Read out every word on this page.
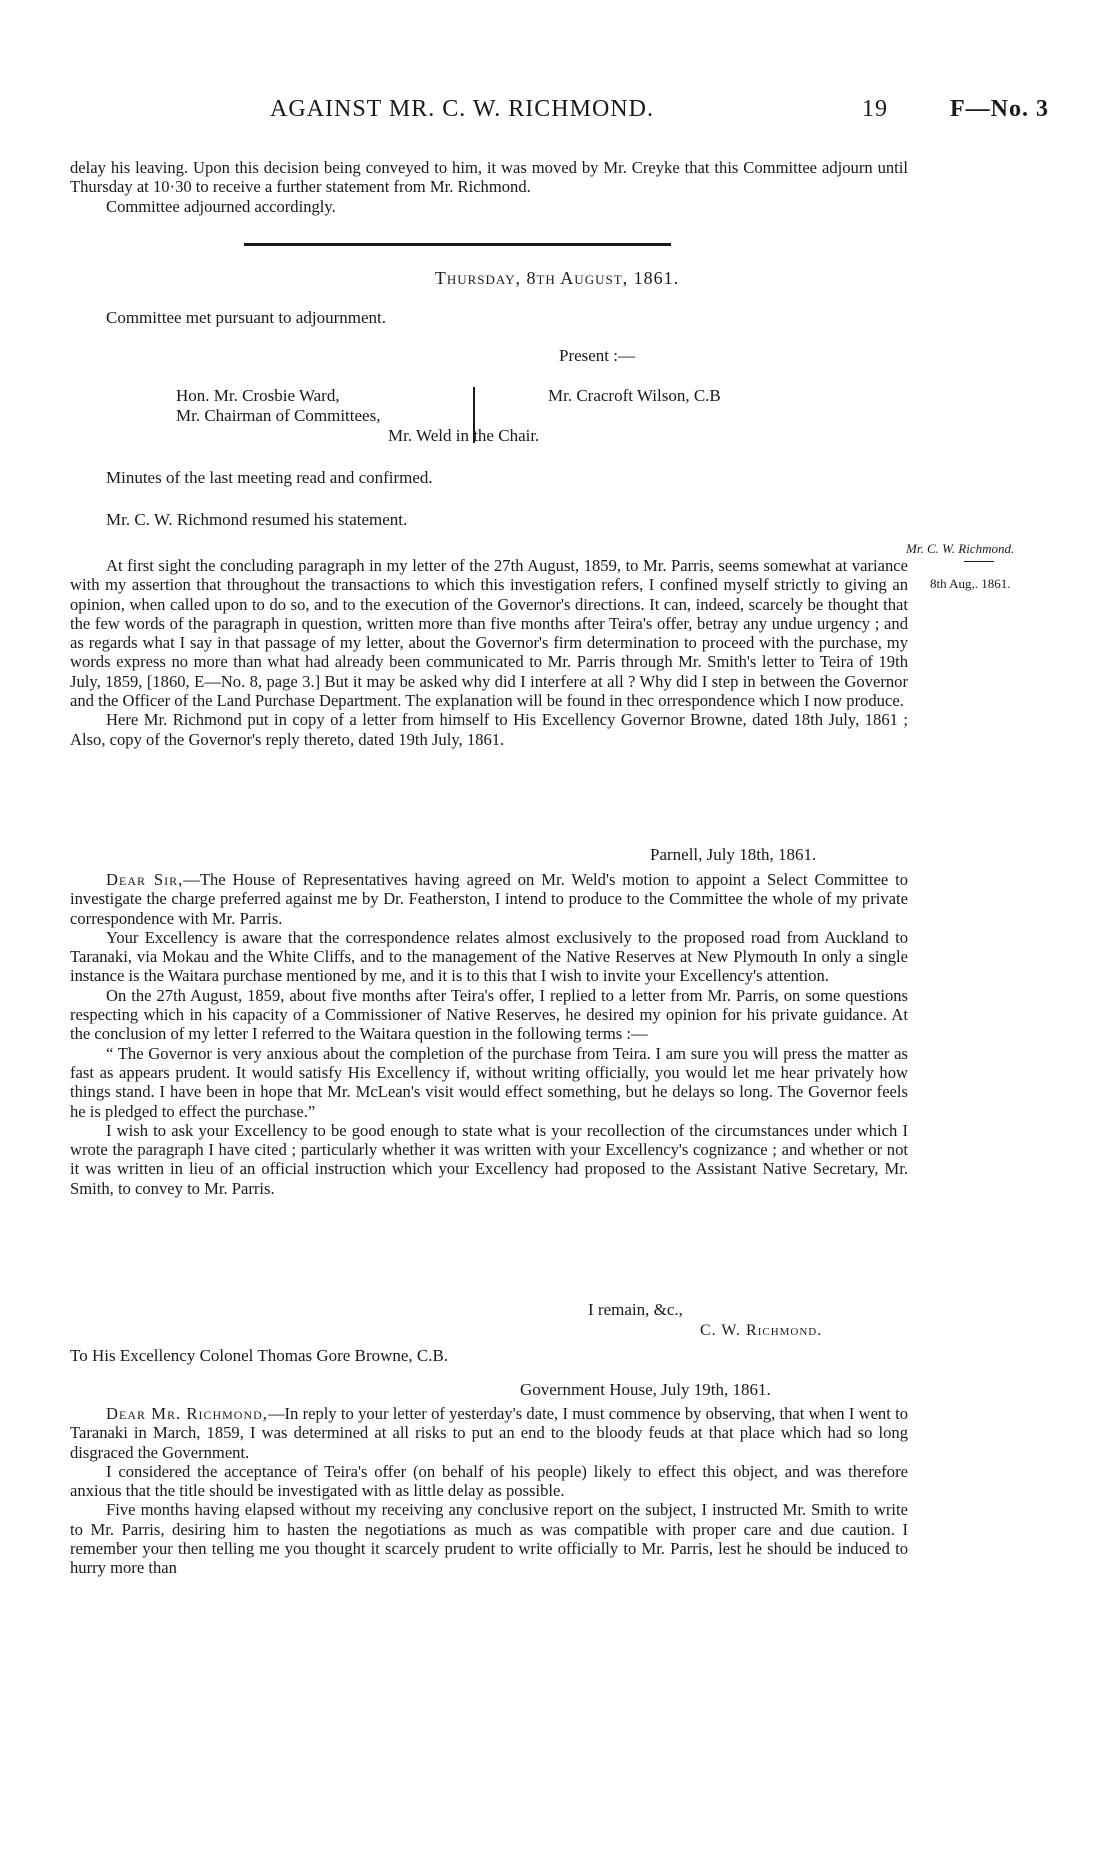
AGAINST MR. C. W. RICHMOND.	19	F—No. 3

delay his leaving. Upon this decision being conveyed to him, it was moved by Mr. Creyke that this Committee adjourn until Thursday at 10·30 to receive a further statement from Mr. Richmond.

Committee adjourned accordingly.

Thursday, 8th August, 1861.
Committee met pursuant to adjournment.
Present :—
Hon. Mr. Crosbie Ward,
Mr. Chairman of Committees,
Mr. Cracroft Wilson, C.B
Mr. Weld in the Chair.
Minutes of the last meeting read and confirmed.
Mr. C. W. Richmond resumed his statement.
Mr. C. W. Richmond.
8th Aug,. 1861.

At first sight the concluding paragraph in my letter of the 27th August, 1859, to Mr. Parris, seems somewhat at variance with my assertion that throughout the transactions to which this investigation refers, I confined myself strictly to giving an opinion, when called upon to do so, and to the execution of the Governor's directions. It can, indeed, scarcely be thought that the few words of the paragraph in question, written more than five months after Teira's offer, betray any undue urgency ; and as regards what I say in that passage of my letter, about the Governor's firm determination to proceed with the purchase, my words express no more than what had already been communicated to Mr. Parris through Mr. Smith's letter to Teira of 19th July, 1859, [1860, E—No. 8, page 3.] But it may be asked why did I interfere at all ? Why did I step in between the Governor and the Officer of the Land Purchase Department. The explanation will be found in thec orrespondence which I now produce.

Here Mr. Richmond put in copy of a letter from himself to His Excellency Governor Browne, dated 18th July, 1861 ; Also, copy of the Governor's reply thereto, dated 19th July, 1861.

Parnell, July 18th, 1861.

Dear Sir,—The House of Representatives having agreed on Mr. Weld's motion to appoint a Select Committee to investigate the charge preferred against me by Dr. Featherston, I intend to produce to the Committee the whole of my private correspondence with Mr. Parris.

Your Excellency is aware that the correspondence relates almost exclusively to the proposed road from Auckland to Taranaki, via Mokau and the White Cliffs, and to the management of the Native Reserves at New Plymouth In only a single instance is the Waitara purchase mentioned by me, and it is to this that I wish to invite your Excellency's attention.

On the 27th August, 1859, about five months after Teira's offer, I replied to a letter from Mr. Parris, on some questions respecting which in his capacity of a Commissioner of Native Reserves, he desired my opinion for his private guidance. At the conclusion of my letter I referred to the Waitara question in the following terms :—

“ The Governor is very anxious about the completion of the purchase from Teira. I am sure you will press the matter as fast as appears prudent. It would satisfy His Excellency if, without writing officially, you would let me hear privately how things stand. I have been in hope that Mr. McLean's visit would effect something, but he delays so long. The Governor feels he is pledged to effect the purchase.”

I wish to ask your Excellency to be good enough to state what is your recollection of the circumstances under which I wrote the paragraph I have cited ; particularly whether it was written with your Excellency's cognizance ; and whether or not it was written in lieu of an official instruction which your Excellency had proposed to the Assistant Native Secretary, Mr. Smith, to convey to Mr. Parris.

I remain, &c.,
C. W. Richmond.
To His Excellency Colonel Thomas Gore Browne, C.B.
Government House, July 19th, 1861.

Dear Mr. Richmond,—In reply to your letter of yesterday's date, I must commence by observing, that when I went to Taranaki in March, 1859, I was determined at all risks to put an end to the bloody feuds at that place which had so long disgraced the Government.

I considered the acceptance of Teira's offer (on behalf of his people) likely to effect this object, and was therefore anxious that the title should be investigated with as little delay as possible.

Five months having elapsed without my receiving any conclusive report on the subject, I instructed Mr. Smith to write to Mr. Parris, desiring him to hasten the negotiations as much as was compatible with proper care and due caution. I remember your then telling me you thought it scarcely prudent to write officially to Mr. Parris, lest he should be induced to hurry more than
